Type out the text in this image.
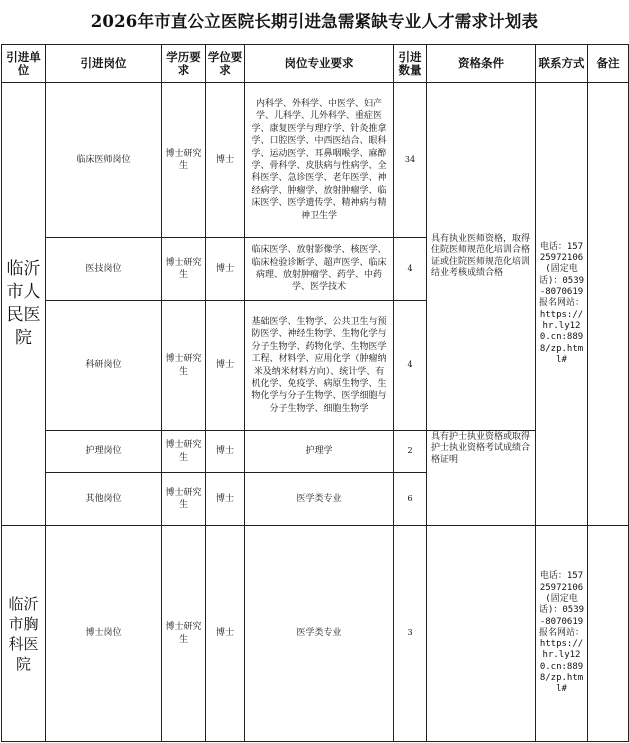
2026年市直公立医院长期引进急需紧缺专业人才需求计划表
引进单位	引进岗位	学历要求	学位要求	岗位专业要求	引进数量	资格条件	联系方式	备注
临沂市人民医院	临床医师岗位	博士研究生	博士	内科学、外科学、中医学、妇产学、儿科学、儿外科学、重症医学、康复医学与理疗学、针灸推拿学、口腔医学、中西医结合、眼科学、运动医学、耳鼻咽喉学、麻醉学、骨科学、皮肤病与性病学、全科医学、急诊医学、老年医学、神经病学、肿瘤学、放射肿瘤学、临床医学、医学遗传学、精神病与精神卫生学	34	具有执业医师资格，取得住院医师规范化培训合格证或住院医师规范化培训结业考核成绩合格	电话：15725972106(固定电话)：0539-8070619报名网站：https://hr.ly120.cn:8898/zp.html#	
	医技岗位	博士研究生	博士	临床医学、放射影像学、核医学、临床检验诊断学、超声医学、临床病理、放射肿瘤学、药学、中药学、医学技术	4			
	科研岗位	博士研究生	博士	基础医学、生物学、公共卫生与预防医学、神经生物学、生物化学与分子生物学、药物化学、生物医学工程、材料学、应用化学（肿瘤纳米及纳米材料方向）、统计学、有机化学、免疫学、病原生物学、生物化学与分子生物学、医学细胞与分子生物学、细胞生物学	4			
	护理岗位	博士研究生	博士	护理学	2	具有护士执业资格或取得护士执业资格考试成绩合格证明		
	其他岗位	博士研究生	博士	医学类专业	6			
临沂市胸科医院	博士岗位	博士研究生	博士	医学类专业	3		电话：15725972106(固定电话)：0539-8070619报名网站：https://hr.ly120.cn:8898/zp.html#	
